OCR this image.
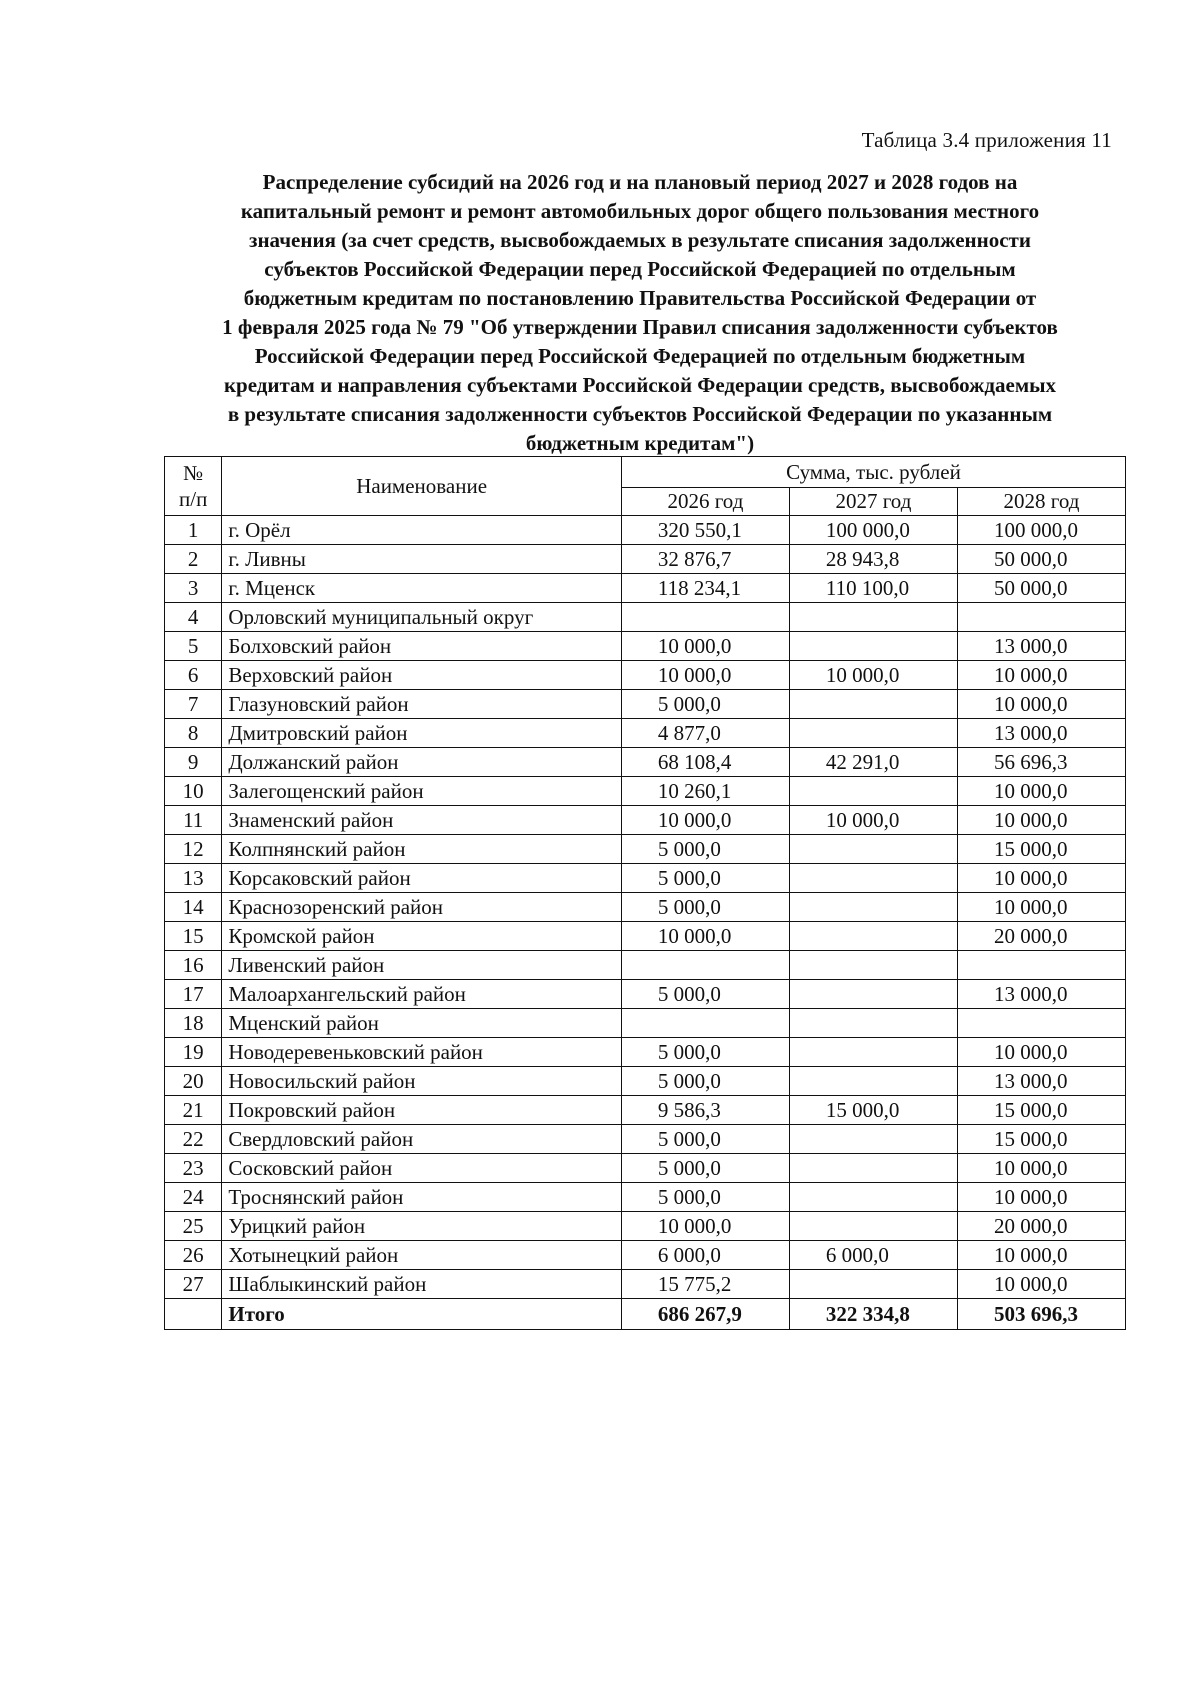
Таблица 3.4 приложения 11
Распределение субсидий на 2026 год и на плановый период 2027 и 2028 годов на
капитальный ремонт и ремонт автомобильных дорог общего пользования местного
значения (за счет средств, высвобождаемых в результате списания задолженности
субъектов Российской Федерации перед Российской Федерацией по отдельным
бюджетным кредитам по постановлению Правительства Российской Федерации от
1 февраля 2025 года № 79 "Об утверждении Правил списания задолженности субъектов
Российской Федерации перед Российской Федерацией по отдельным бюджетным
кредитам и направления субъектами Российской Федерации средств, высвобождаемых
в результате списания задолженности субъектов Российской Федерации по указанным
бюджетным кредитам")
№
п/п	Наименование	Сумма, тыс. рублей		
		2026 год	2027 год	2028 год
1	г. Орёл	320 550,1	100 000,0	100 000,0
2	г. Ливны	32 876,7	28 943,8	50 000,0
3	г. Мценск	118 234,1	110 100,0	50 000,0
4	Орловский муниципальный округ			
5	Болховский район	10 000,0		13 000,0
6	Верховский район	10 000,0	10 000,0	10 000,0
7	Глазуновский район	5 000,0		10 000,0
8	Дмитровский район	4 877,0		13 000,0
9	Должанский район	68 108,4	42 291,0	56 696,3
10	Залегощенский район	10 260,1		10 000,0
11	Знаменский район	10 000,0	10 000,0	10 000,0
12	Колпнянский район	5 000,0		15 000,0
13	Корсаковский район	5 000,0		10 000,0
14	Краснозоренский район	5 000,0		10 000,0
15	Кромской район	10 000,0		20 000,0
16	Ливенский район			
17	Малоархангельский район	5 000,0		13 000,0
18	Мценский район			
19	Новодеревеньковский район	5 000,0		10 000,0
20	Новосильский район	5 000,0		13 000,0
21	Покровский район	9 586,3	15 000,0	15 000,0
22	Свердловский район	5 000,0		15 000,0
23	Сосковский район	5 000,0		10 000,0
24	Троснянский район	5 000,0		10 000,0
25	Урицкий район	10 000,0		20 000,0
26	Хотынецкий район	6 000,0	6 000,0	10 000,0
27	Шаблыкинский район	15 775,2		10 000,0
	Итого	686 267,9	322 334,8	503 696,3
